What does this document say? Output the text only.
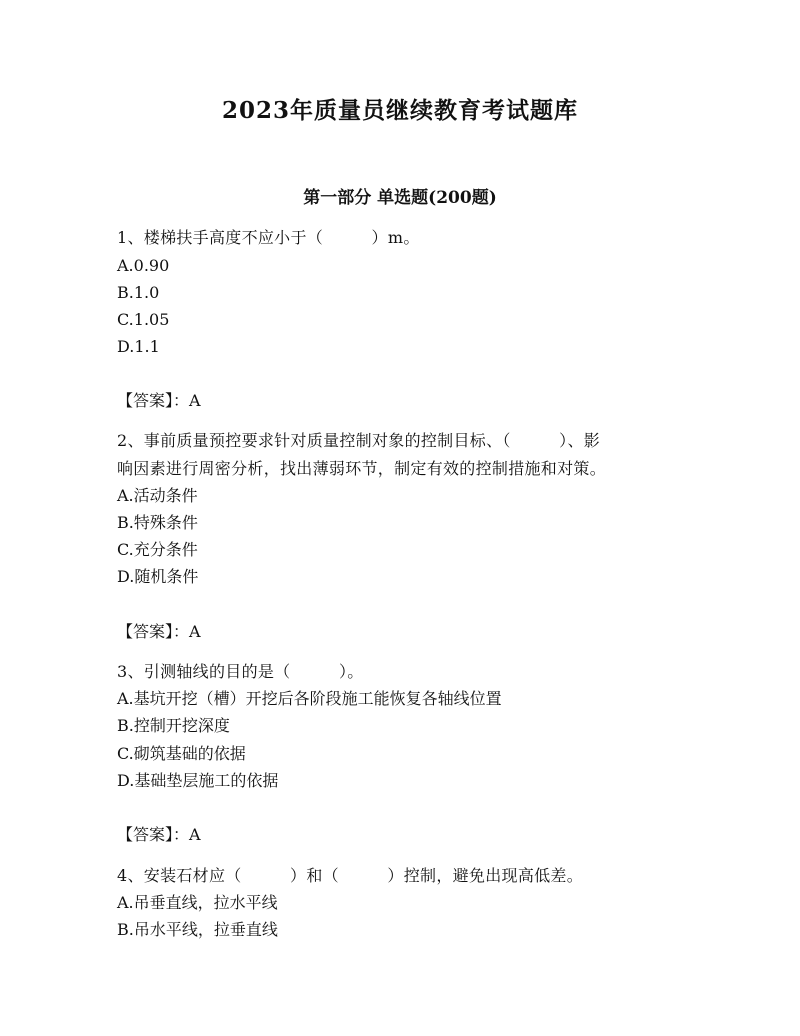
2023年质量员继续教育考试题库
第一部分 单选题(200题)
1、楼梯扶手高度不应小于（         ）m。
A.0.90
B.1.0
C.1.05
D.1.1
【答案】：A
2、事前质量预控要求针对质量控制对象的控制目标、（         ）、影
响因素进行周密分析，找出薄弱环节，制定有效的控制措施和对策。
A.活动条件
B.特殊条件
C.充分条件
D.随机条件
【答案】：A
3、引测轴线的目的是（         ）。
A.基坑开挖（槽）开挖后各阶段施工能恢复各轴线位置
B.控制开挖深度
C.砌筑基础的依据
D.基础垫层施工的依据
【答案】：A
4、安装石材应（         ）和（         ）控制，避免出现高低差。
A.吊垂直线，拉水平线
B.吊水平线，拉垂直线
